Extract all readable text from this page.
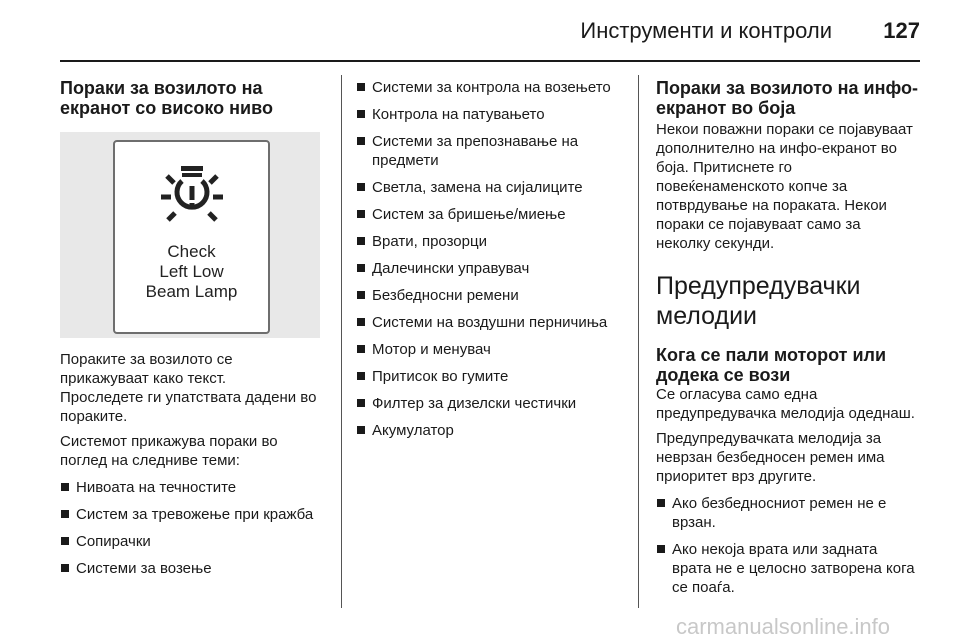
Инструменти и контроли 127
Пораки за возилото на екранот со високо ниво
Check
Left Low
Beam Lamp

Пораките за возилото се прикажуваат како текст.

Проследете ги упатствата дадени во пораките.

Системот прикажува пораки во поглед на следниве теми:

Нивоата на течностите
Систем за тревожење при кражба
Сопирачки
Системи за возење
Системи за контрола на возењето
Контрола на патувањето
Системи за препознавање на предмети
Светла, замена на сијалиците
Систем за бришење/миење
Врати, прозорци
Далечински управувач
Безбедносни ремени
Системи на воздушни перничиња
Мотор и менувач
Притисок во гумите
Филтер за дизелски честички
Акумулатор
Пораки за возилото на инфо-екранот во боја

Некои поважни пораки се појавуваат дополнително на инфо-екранот во боја. Притиснете го повеќенаменското копче за потврдување на пораката. Некои пораки се појавуваат само за неколку секунди.

Предупредувачки мелодии
Кога се пали моторот или додека се вози

Се огласува само една предупредувачка мелодија одеднаш.

Предупредувачката мелодија за неврзан безбедносен ремен има приоритет врз другите.

Ако безбедносниот ремен не е врзан.
Ако некоја врата или задната врата не е целосно затворена кога се поаѓа.
carmanualsonline.info
